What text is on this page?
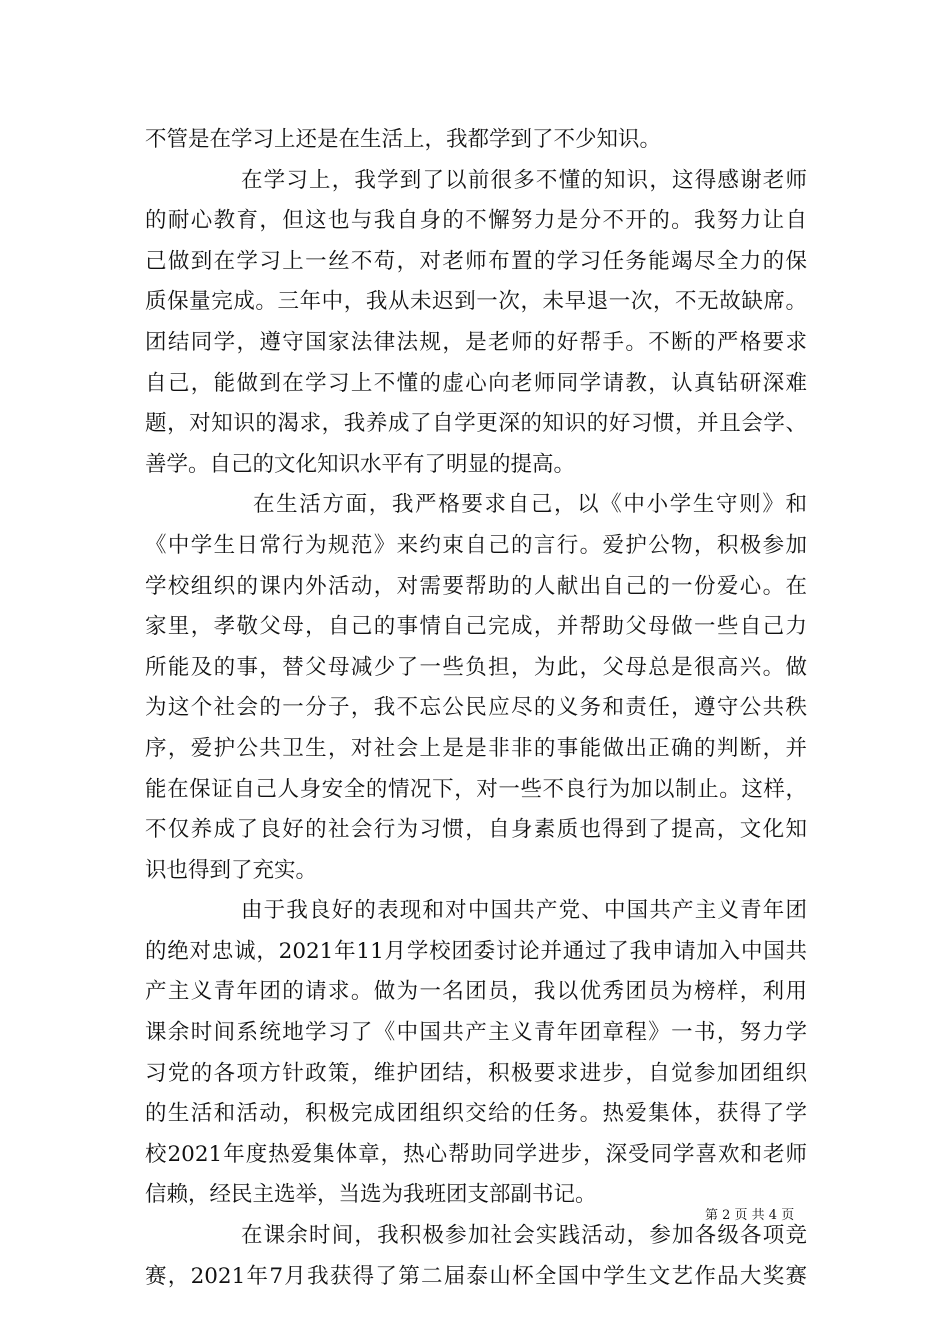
不管是在学习上还是在生活上，我都学到了不少知识。
在学习上，我学到了以前很多不懂的知识，这得感谢老师
的耐心教育，但这也与我自身的不懈努力是分不开的。我努力让自
己做到在学习上一丝不苟，对老师布置的学习任务能竭尽全力的保
质保量完成。三年中，我从未迟到一次，未早退一次，不无故缺席。
团结同学，遵守国家法律法规，是老师的好帮手。不断的严格要求
自己，能做到在学习上不懂的虚心向老师同学请教，认真钻研深难
题，对知识的渴求，我养成了自学更深的知识的好习惯，并且会学、
善学。自己的文化知识水平有了明显的提高。
在生活方面，我严格要求自己，以《中小学生守则》和
《中学生日常行为规范》来约束自己的言行。爱护公物，积极参加
学校组织的课内外活动，对需要帮助的人献出自己的一份爱心。在
家里，孝敬父母，自己的事情自己完成，并帮助父母做一些自己力
所能及的事，替父母减少了一些负担，为此，父母总是很高兴。做
为这个社会的一分子，我不忘公民应尽的义务和责任，遵守公共秩
序，爱护公共卫生，对社会上是是非非的事能做出正确的判断，并
能在保证自己人身安全的情况下，对一些不良行为加以制止。这样，
不仅养成了良好的社会行为习惯，自身素质也得到了提高，文化知
识也得到了充实。
由于我良好的表现和对中国共产党、中国共产主义青年团
的绝对忠诚，2021年11月学校团委讨论并通过了我申请加入中国共
产主义青年团的请求。做为一名团员，我以优秀团员为榜样，利用
课余时间系统地学习了《中国共产主义青年团章程》一书，努力学
习党的各项方针政策，维护团结，积极要求进步，自觉参加团组织
的生活和活动，积极完成团组织交给的任务。热爱集体，获得了学
校2021年度热爱集体章，热心帮助同学进步，深受同学喜欢和老师
信赖，经民主选举，当选为我班团支部副书记。
在课余时间，我积极参加社会实践活动，参加各级各项竞
赛，2021年7月我获得了第二届泰山杯全国中学生文艺作品大奖赛
第 2 页 共 4 页
